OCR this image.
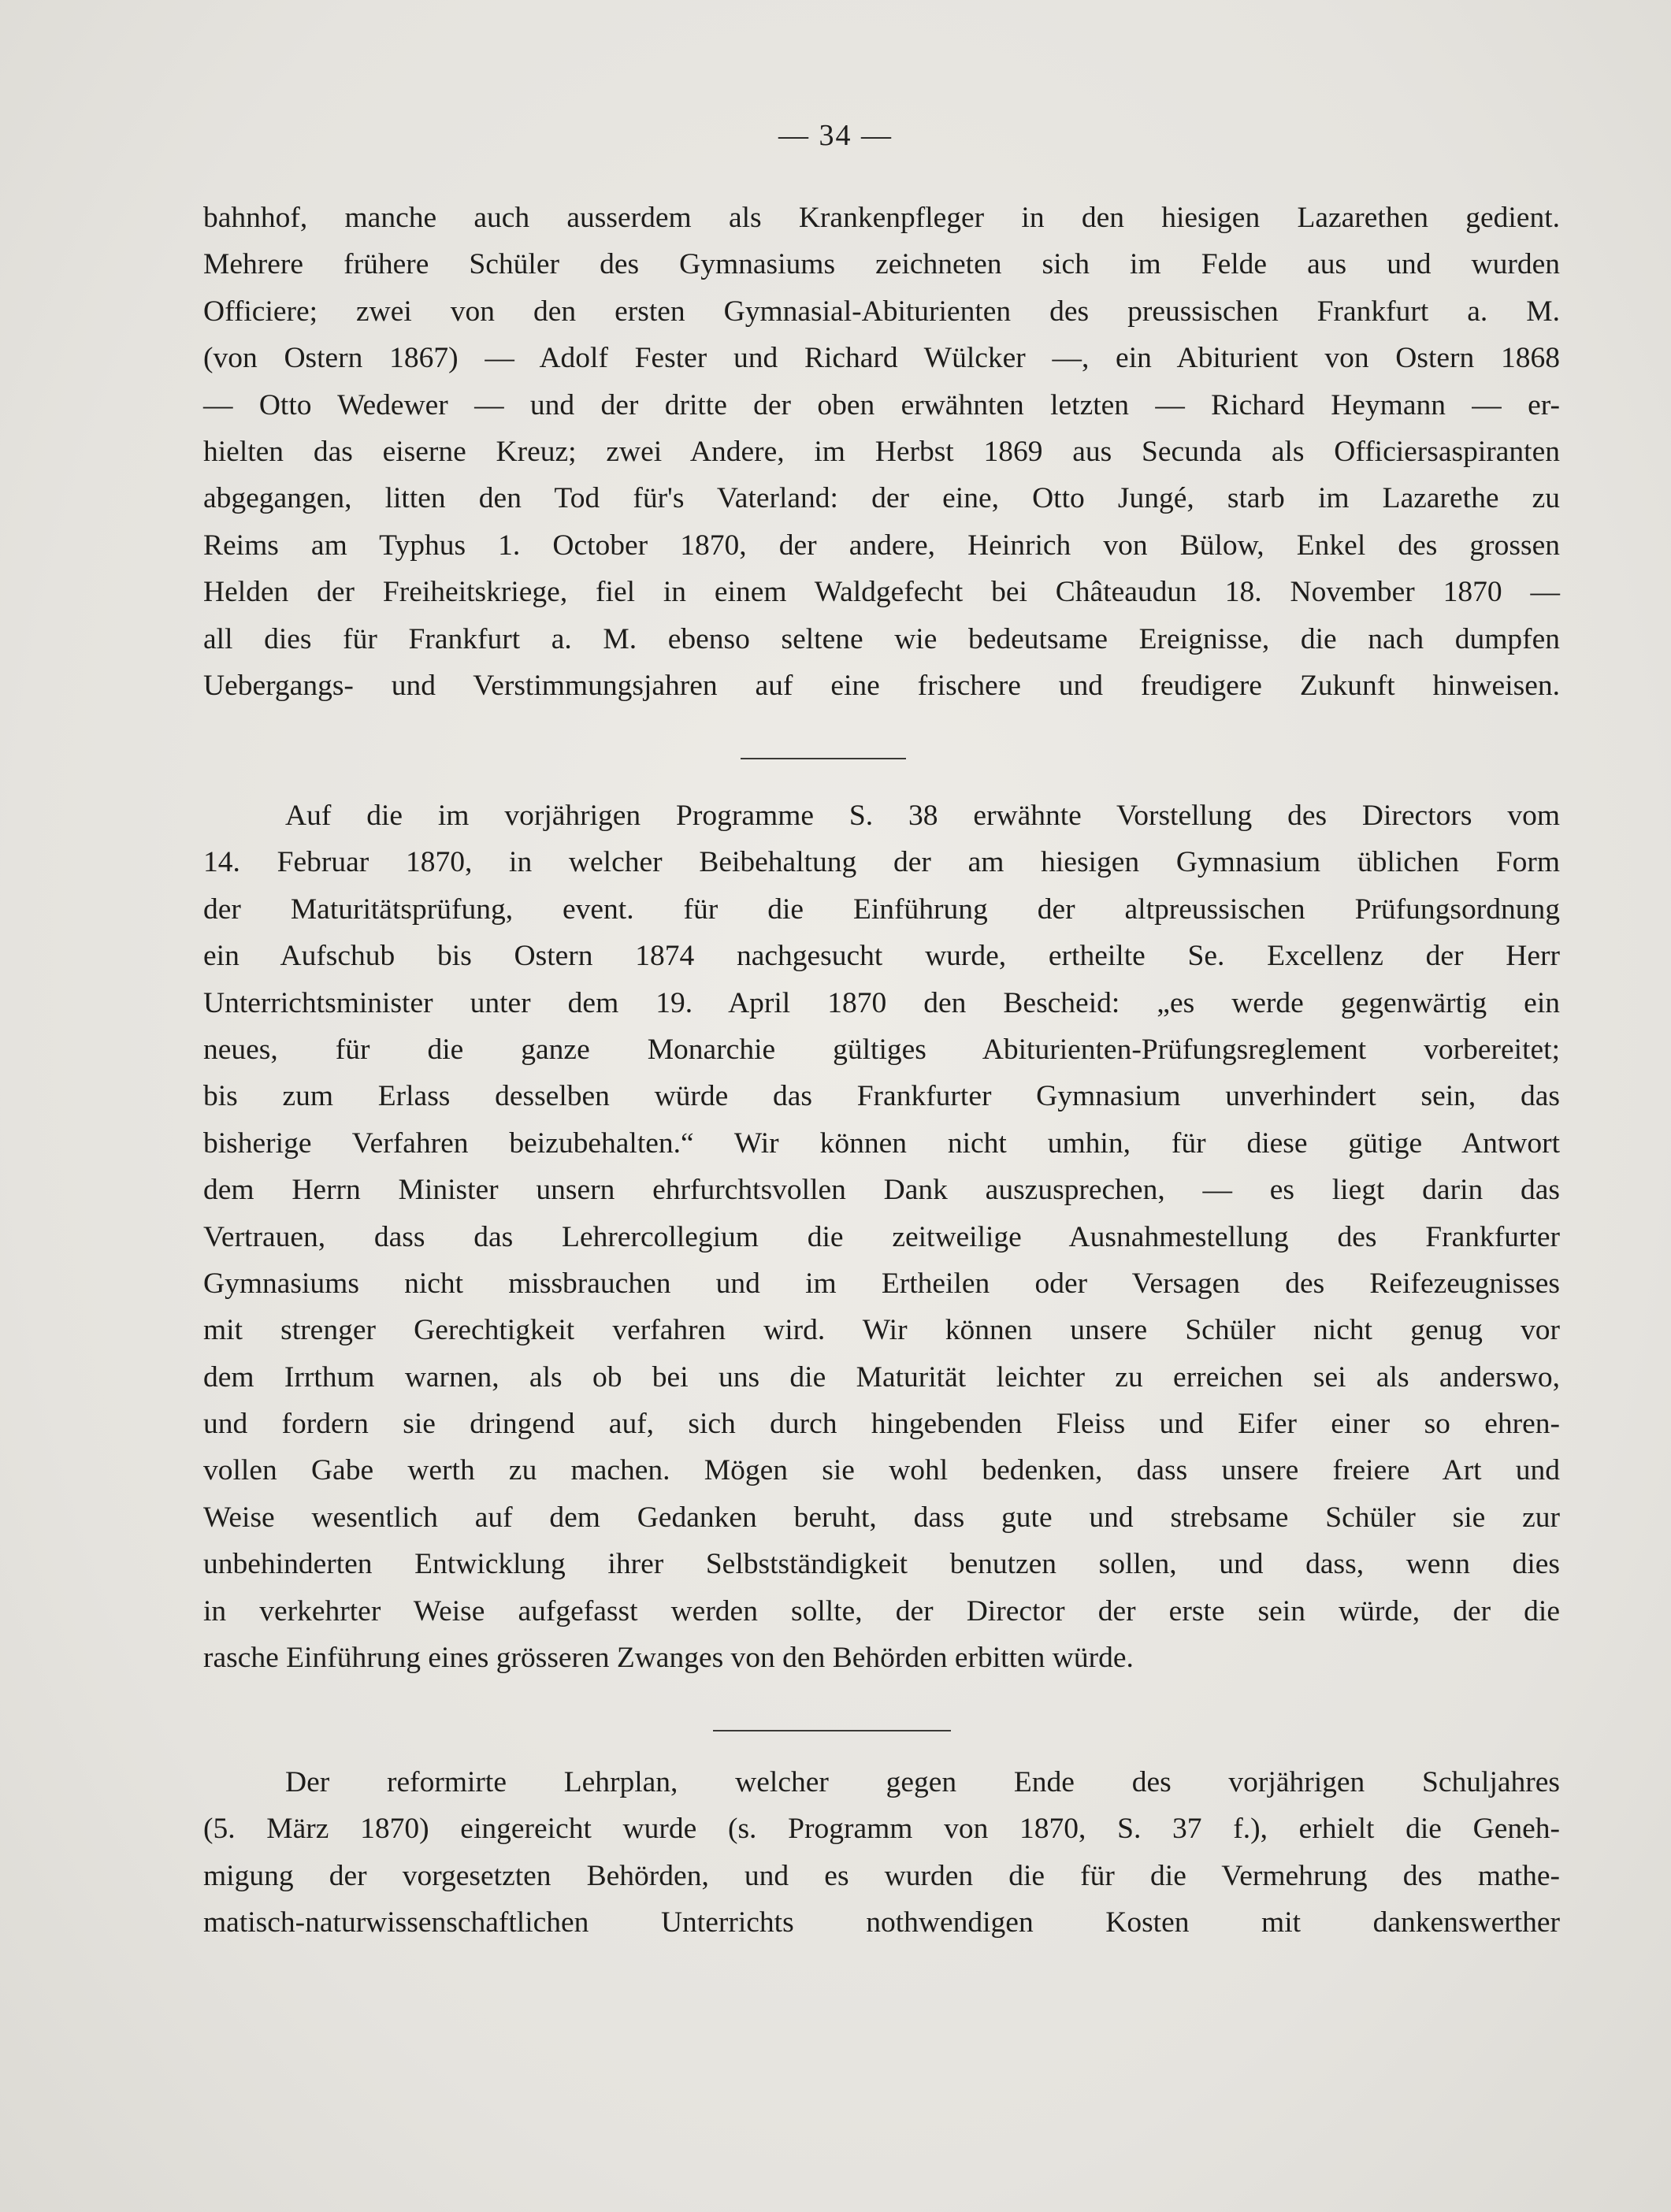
— 34 —
bahnhof, manche auch ausserdem als Krankenpfleger in den hiesigen Lazarethen gedient.
Mehrere frühere Schüler des Gymnasiums zeichneten sich im Felde aus und wurden
Officiere; zwei von den ersten Gymnasial-Abiturienten des preussischen Frankfurt a. M.
(von Ostern 1867) — Adolf Fester und Richard Wülcker —, ein Abiturient von Ostern 1868
— Otto Wedewer — und der dritte der oben erwähnten letzten — Richard Heymann — er-
hielten das eiserne Kreuz; zwei Andere, im Herbst 1869 aus Secunda als Officiersaspiranten
abgegangen, litten den Tod für's Vaterland: der eine, Otto Jungé, starb im Lazarethe zu
Reims am Typhus 1. October 1870, der andere, Heinrich von Bülow, Enkel des grossen
Helden der Freiheitskriege, fiel in einem Waldgefecht bei Châteaudun 18. November 1870 —
all dies für Frankfurt a. M. ebenso seltene wie bedeutsame Ereignisse, die nach dumpfen
Uebergangs- und Verstimmungsjahren auf eine frischere und freudigere Zukunft hinweisen.
Auf die im vorjährigen Programme S. 38 erwähnte Vorstellung des Directors vom
14. Februar 1870, in welcher Beibehaltung der am hiesigen Gymnasium üblichen Form
der Maturitätsprüfung, event. für die Einführung der altpreussischen Prüfungsordnung
ein Aufschub bis Ostern 1874 nachgesucht wurde, ertheilte Se. Excellenz der Herr
Unterrichtsminister unter dem 19. April 1870 den Bescheid: „es werde gegenwärtig ein
neues, für die ganze Monarchie gültiges Abiturienten-Prüfungsreglement vorbereitet;
bis zum Erlass desselben würde das Frankfurter Gymnasium unverhindert sein, das
bisherige Verfahren beizubehalten.“ Wir können nicht umhin, für diese gütige Antwort
dem Herrn Minister unsern ehrfurchtsvollen Dank auszusprechen, — es liegt darin das
Vertrauen, dass das Lehrercollegium die zeitweilige Ausnahmestellung des Frankfurter
Gymnasiums nicht missbrauchen und im Ertheilen oder Versagen des Reifezeugnisses
mit strenger Gerechtigkeit verfahren wird. Wir können unsere Schüler nicht genug vor
dem Irrthum warnen, als ob bei uns die Maturität leichter zu erreichen sei als anderswo,
und fordern sie dringend auf, sich durch hingebenden Fleiss und Eifer einer so ehren-
vollen Gabe werth zu machen. Mögen sie wohl bedenken, dass unsere freiere Art und
Weise wesentlich auf dem Gedanken beruht, dass gute und strebsame Schüler sie zur
unbehinderten Entwicklung ihrer Selbstständigkeit benutzen sollen, und dass, wenn dies
in verkehrter Weise aufgefasst werden sollte, der Director der erste sein würde, der die
rasche Einführung eines grösseren Zwanges von den Behörden erbitten würde.
Der reformirte Lehrplan, welcher gegen Ende des vorjährigen Schuljahres
(5. März 1870) eingereicht wurde (s. Programm von 1870, S. 37 f.), erhielt die Geneh-
migung der vorgesetzten Behörden, und es wurden die für die Vermehrung des mathe-
matisch-naturwissenschaftlichen Unterrichts nothwendigen Kosten mit dankenswerther
